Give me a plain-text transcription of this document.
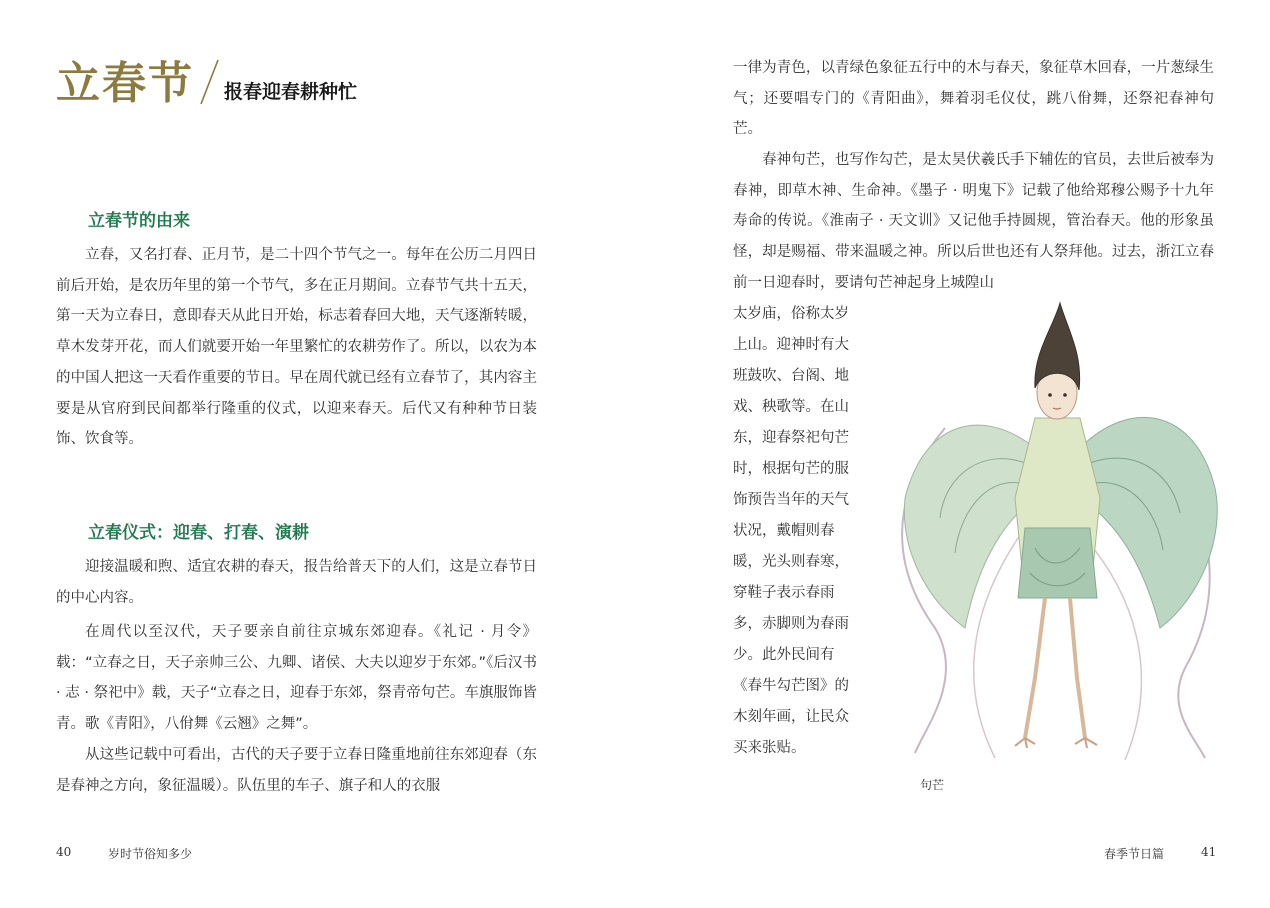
立春节 报春迎春耕种忙
立春节的由来

立春，又名打春、正月节，是二十四个节气之一。每年在公历二月四日前后开始，是农历年里的第一个节气，多在正月期间。立春节气共十五天，第一天为立春日，意即春天从此日开始，标志着春回大地，天气逐渐转暖，草木发芽开花，而人们就要开始一年里繁忙的农耕劳作了。所以，以农为本的中国人把这一天看作重要的节日。早在周代就已经有立春节了，其内容主要是从官府到民间都举行隆重的仪式，以迎来春天。后代又有种种节日装饰、饮食等。

立春仪式：迎春、打春、演耕

迎接温暖和煦、适宜农耕的春天，报告给普天下的人们，这是立春节日的中心内容。

在周代以至汉代，天子要亲自前往京城东郊迎春。《礼记 · 月令》载：“立春之日，天子亲帅三公、九卿、诸侯、大夫以迎岁于东郊。”《后汉书 · 志 · 祭祀中》载，天子“立春之日，迎春于东郊，祭青帝句芒。车旗服饰皆青。歌《青阳》，八佾舞《云翘》之舞”。

从这些记载中可看出，古代的天子要于立春日隆重地前往东郊迎春（东是春神之方向，象征温暖）。队伍里的车子、旗子和人的衣服

40	岁时节俗知多少

一律为青色，以青绿色象征五行中的木与春天，象征草木回春，一片葱绿生气；还要唱专门的《青阳曲》，舞着羽毛仪仗，跳八佾舞，还祭祀春神句芒。

春神句芒，也写作勾芒，是太昊伏羲氏手下辅佐的官员，去世后被奉为春神，即草木神、生命神。《墨子 · 明鬼下》记载了他给郑穆公赐予十九年寿命的传说。《淮南子 · 天文训》又记他手持圆规，管治春天。他的形象虽怪，却是赐福、带来温暖之神。所以后世也还有人祭拜他。过去，浙江立春前一日迎春时，要请句芒神起身上城隍山

太岁庙，俗称太岁
上山。迎神时有大
班鼓吹、台阁、地
戏、秧歌等。在山
东，迎春祭祀句芒
时，根据句芒的服
饰预告当年的天气
状况，戴帽则春
暖，光头则春寒，
穿鞋子表示春雨
多，赤脚则为春雨
少。此外民间有
《春牛勾芒图》的
木刻年画，让民众
买来张贴。
句芒
春季节日篇	41
